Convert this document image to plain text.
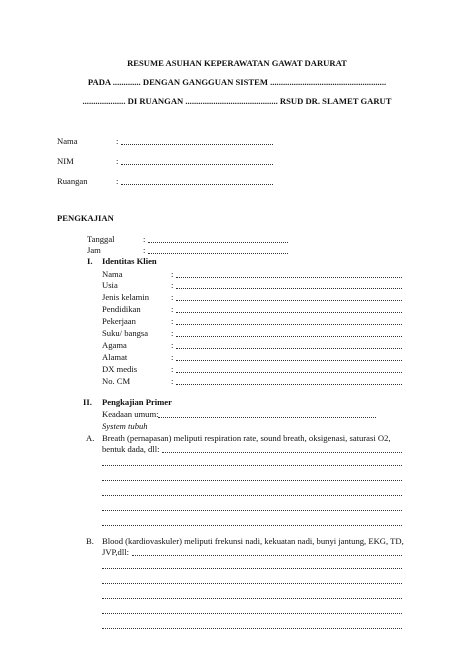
RESUME ASUHAN KEPERAWATAN GAWAT DARURAT
PADA ............. DENGAN GANGGUAN SISTEM ......................................................
.................... DI RUANGAN ........................................... RSUD DR. SLAMET GARUT
Nama	:
NIM	:
Ruangan	:
PENGKAJIAN
Tanggal	:
Jam	:
I. Identitas Klien
Nama	:
Usia	:
Jenis kelamin	:
Pendidikan	:
Pekerjaan	:
Suku/ bangsa	:
Agama	:
Alamat	:
DX medis	:
No. CM	:
II. Pengkajian Primer
Keadaan umum:
System tubuh
A. Breath (pernapasan) meliputi respiration rate, sound breath, oksigenasi, saturasi O2,
bentuk dada, dll:
B. Blood (kardiovaskuler) meliputi frekunsi nadi, kekuatan nadi, bunyi jantung, EKG, TD,
JVP,dll:
